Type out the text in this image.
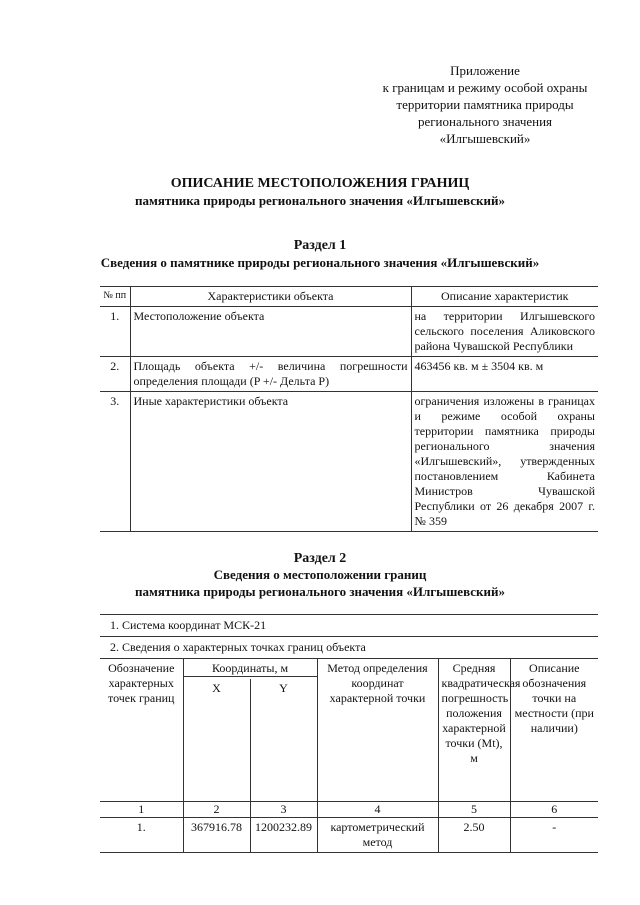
Приложение
к границам и режиму особой охраны
территории памятника природы
регионального значения
«Илгышевский»
ОПИСАНИЕ МЕСТОПОЛОЖЕНИЯ ГРАНИЦ
памятника природы регионального значения «Илгышевский»
Раздел 1
Сведения о памятнике природы регионального значения «Илгышевский»
№ пп	Характеристики объекта	Описание характеристик
1.	Местоположение объекта	на территории Илгышевского сельского поселения Аликовского района Чувашской Республики
2.	Площадь объекта +/- величина погрешности определения площади (P +/- Дельта P)	463456 кв. м ± 3504 кв. м
3.	Иные характеристики объекта	ограничения изложены в границах и режиме особой охраны территории памятника природы регионального значения «Илгышевский», утвержденных постановлением Кабинета Министров Чувашской Республики от 26 декабря 2007 г. № 359
Раздел 2
Сведения о местоположении границ
памятника природы регионального значения «Илгышевский»
1. Система координат МСК-21					
2. Сведения о характерных точках границ объекта					
Обозначение характерных точек границ	Координаты, м		Метод определения координат характерной точки	Средняя квадратическая погрешность положения характерной точки (Mt), м	Описание обозначения точки на местности (при наличии)
	X	Y			
1	2	3	4	5	6
1.	367916.78	1200232.89	картометрический метод	2.50	-
